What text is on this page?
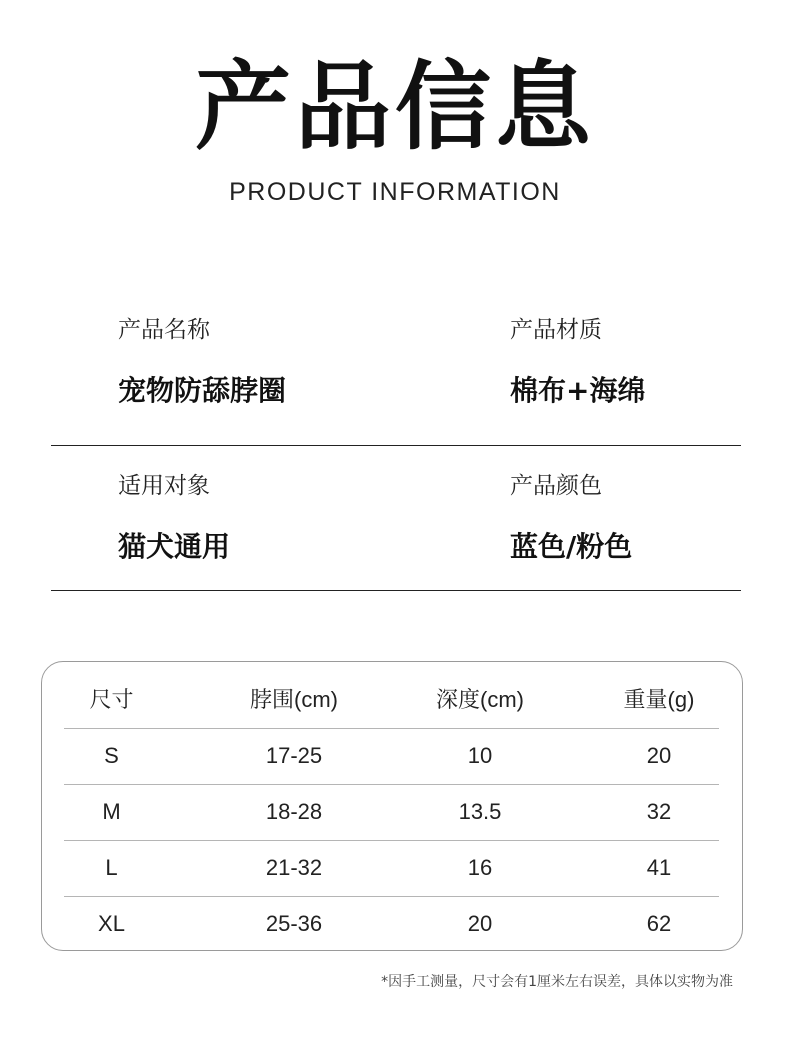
产品信息
PRODUCT INFORMATION
产品名称
宠物防舔脖圈
产品材质
棉布+海绵
适用对象
猫犬通用
产品颜色
蓝色/粉色
尺寸	脖围(cm)	深度(cm)	重量(g)
S	17-25	10	20
M	18-28	13.5	32
L	21-32	16	41
XL	25-36	20	62
*因手工测量，尺寸会有1厘米左右误差，具体以实物为准
